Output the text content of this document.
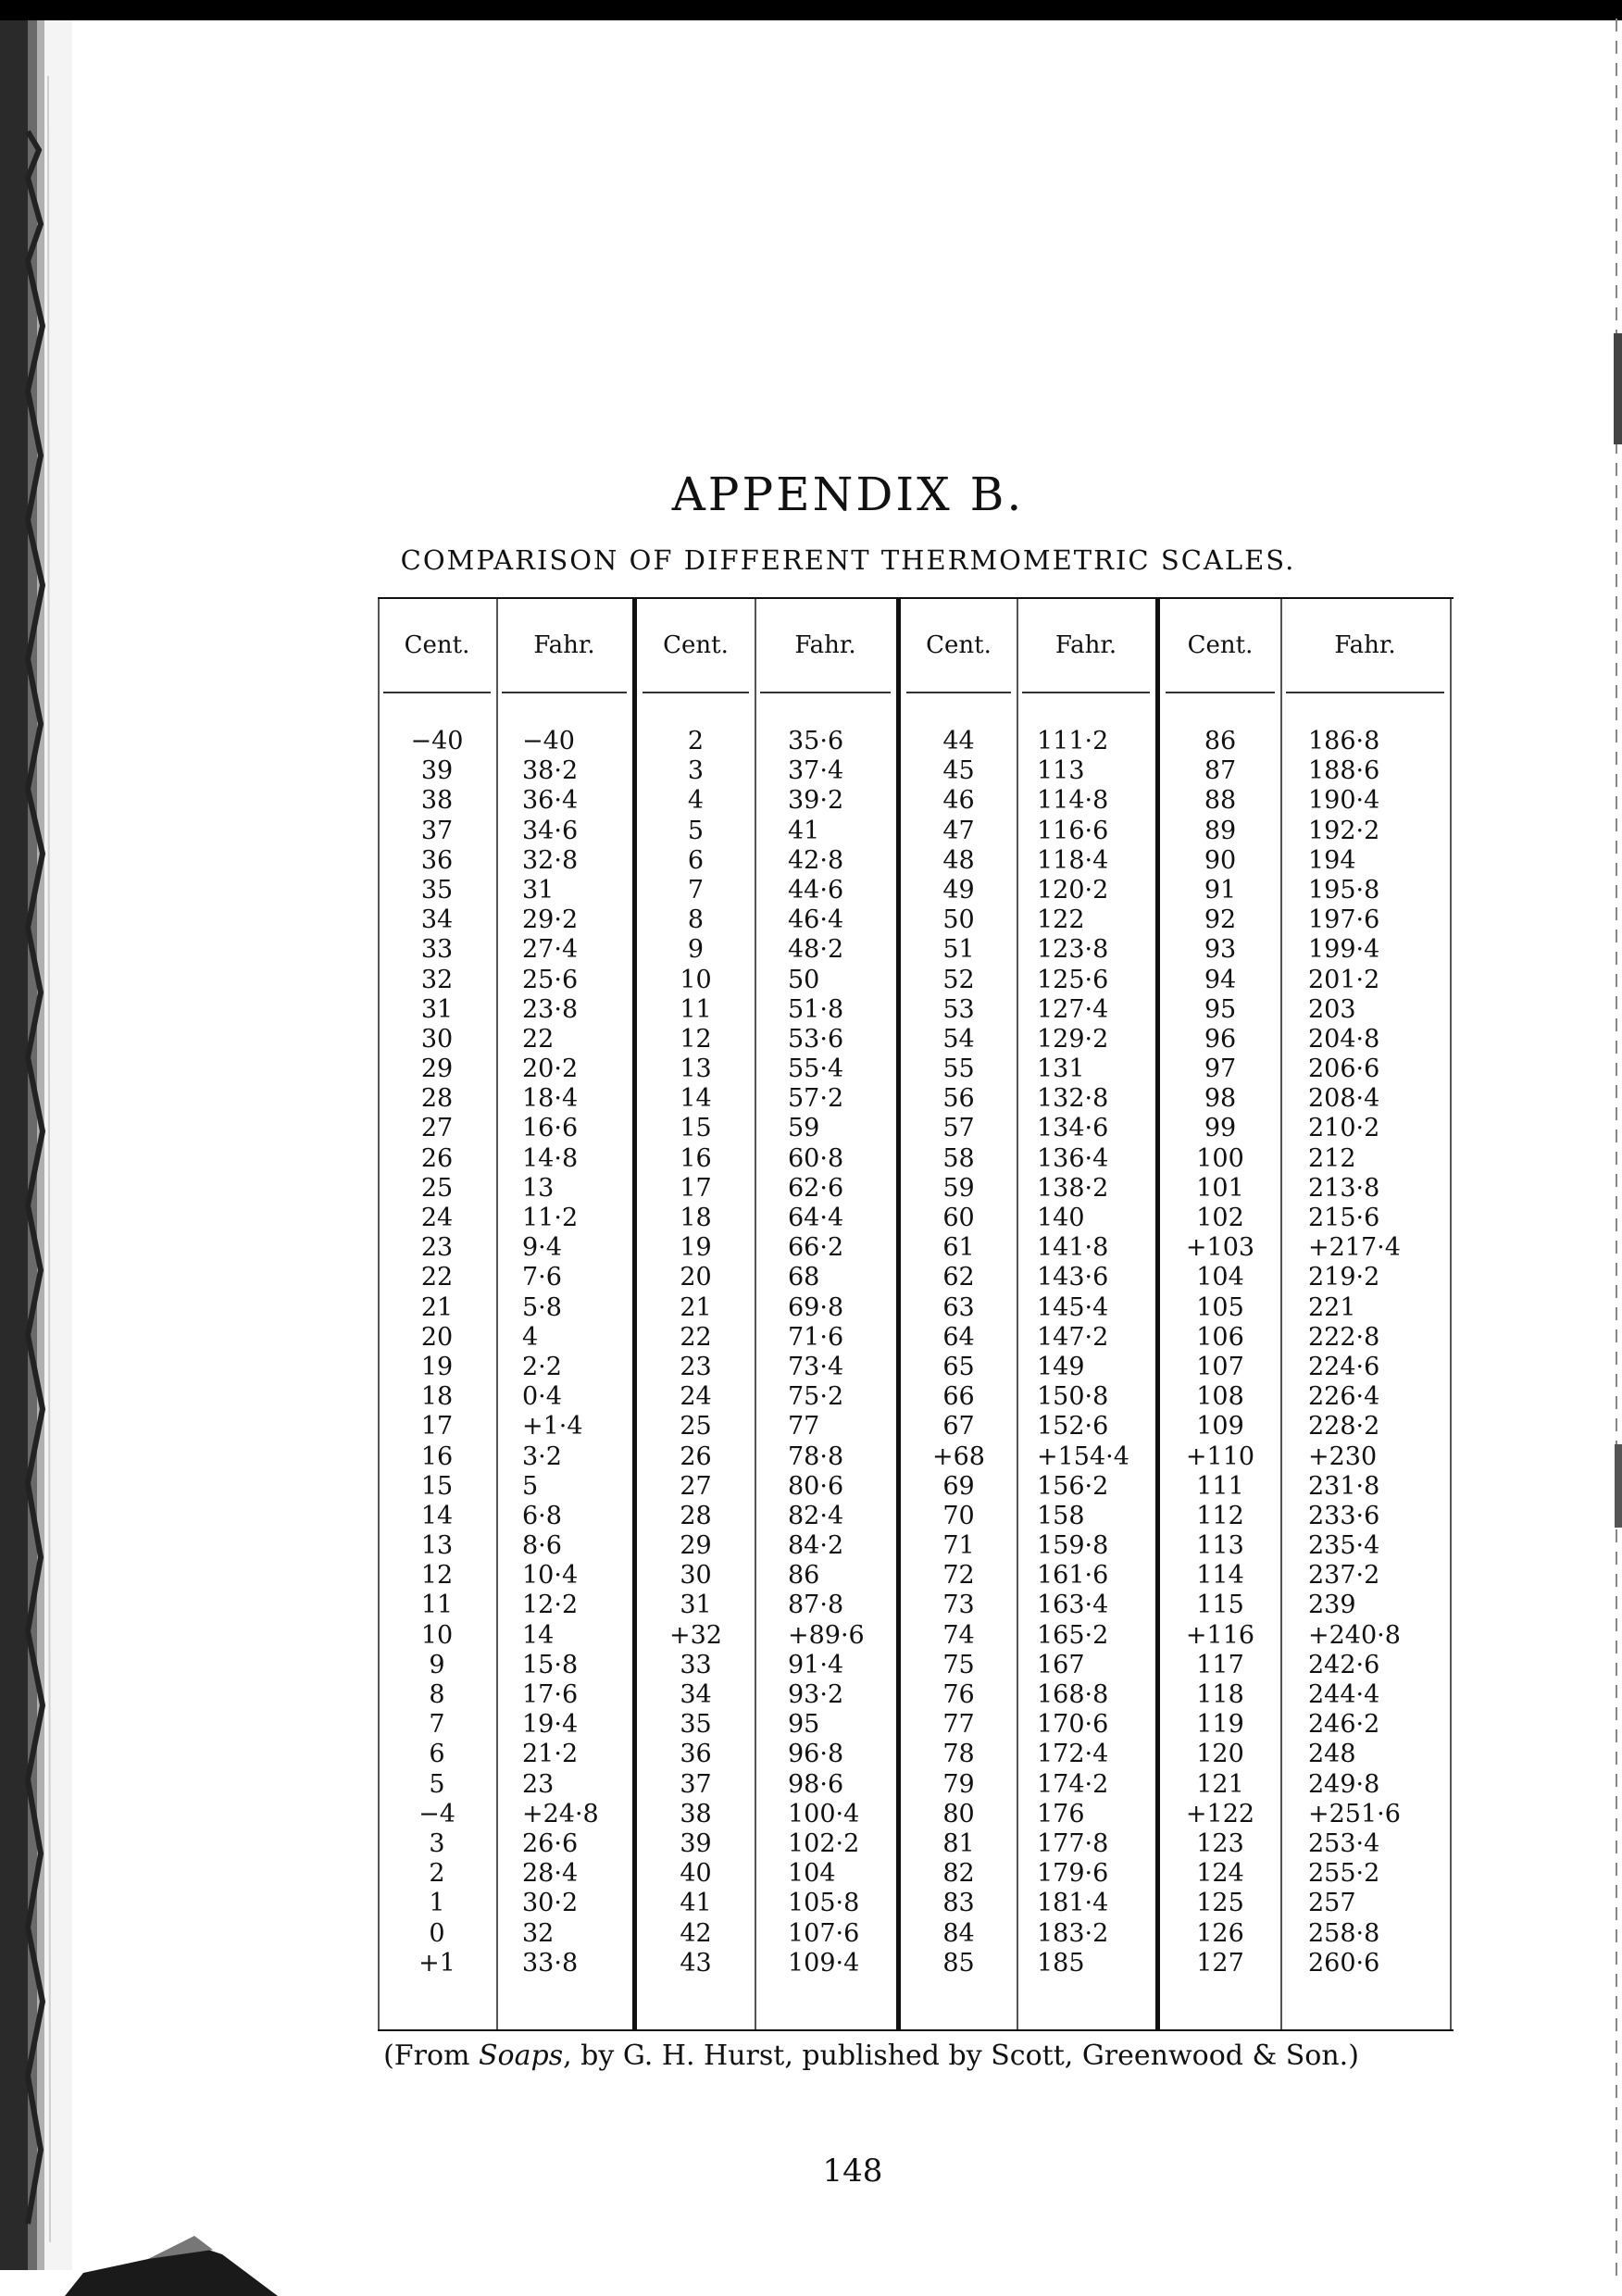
APPENDIX B.
COMPARISON OF DIFFERENT THERMOMETRIC SCALES.
Cent.
−40
39
38
37
36
35
34
33
32
31
30
29
28
27
26
25
24
23
22
21
20
19
18
17
16
15
14
13
12
11
10
9
8
7
6
5
−4
3
2
1
0
+1
Fahr.
−40
38·2
36·4
34·6
32·8
31
29·2
27·4
25·6
23·8
22
20·2
18·4
16·6
14·8
13
11·2
9·4
7·6
5·8
4
2·2
0·4
+1·4
3·2
5
6·8
8·6
10·4
12·2
14
15·8
17·6
19·4
21·2
23
+24·8
26·6
28·4
30·2
32
33·8
Cent.
2
3
4
5
6
7
8
9
10
11
12
13
14
15
16
17
18
19
20
21
22
23
24
25
26
27
28
29
30
31
+32
33
34
35
36
37
38
39
40
41
42
43
Fahr.
35·6
37·4
39·2
41
42·8
44·6
46·4
48·2
50
51·8
53·6
55·4
57·2
59
60·8
62·6
64·4
66·2
68
69·8
71·6
73·4
75·2
77
78·8
80·6
82·4
84·2
86
87·8
+89·6
91·4
93·2
95
96·8
98·6
100·4
102·2
104
105·8
107·6
109·4
Cent.
44
45
46
47
48
49
50
51
52
53
54
55
56
57
58
59
60
61
62
63
64
65
66
67
+68
69
70
71
72
73
74
75
76
77
78
79
80
81
82
83
84
85
Fahr.
111·2
113
114·8
116·6
118·4
120·2
122
123·8
125·6
127·4
129·2
131
132·8
134·6
136·4
138·2
140
141·8
143·6
145·4
147·2
149
150·8
152·6
+154·4
156·2
158
159·8
161·6
163·4
165·2
167
168·8
170·6
172·4
174·2
176
177·8
179·6
181·4
183·2
185
Cent.
86
87
88
89
90
91
92
93
94
95
96
97
98
99
100
101
102
+103
104
105
106
107
108
109
+110
111
112
113
114
115
+116
117
118
119
120
121
+122
123
124
125
126
127
Fahr.
186·8
188·6
190·4
192·2
194
195·8
197·6
199·4
201·2
203
204·8
206·6
208·4
210·2
212
213·8
215·6
+217·4
219·2
221
222·8
224·6
226·4
228·2
+230
231·8
233·6
235·4
237·2
239
+240·8
242·6
244·4
246·2
248
249·8
+251·6
253·4
255·2
257
258·8
260·6
(From Soaps, by G. H. Hurst, published by Scott, Greenwood & Son.)
148
